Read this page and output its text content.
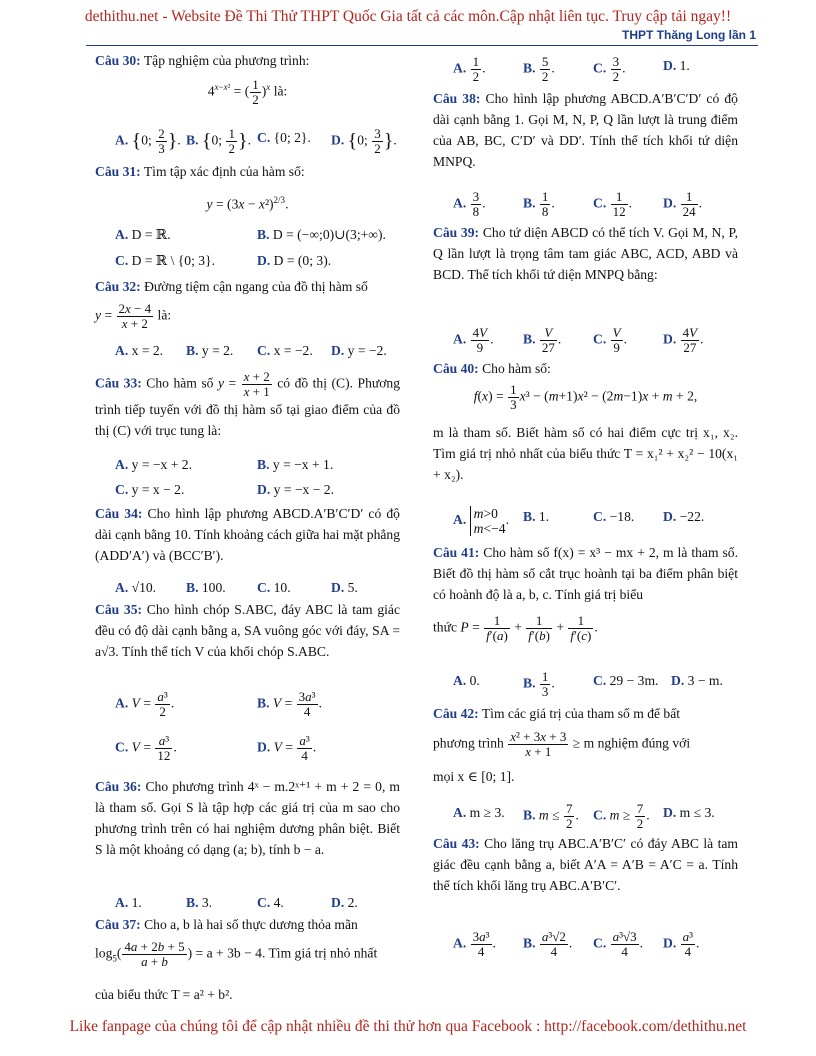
dethithu.net - Website Đề Thi Thử THPT Quốc Gia tất cả các môn.Cập nhật liên tục. Truy cập tải ngay!!
THPT Thăng Long lần 1
Câu 30: Tập nghiệm của phương trình:
$4^{x-x^2}$ = ( $\frac{1}{2} )^x$ là:
A. {0; $\frac{2}{3}$ }. B. {0; $\frac{1}{2}$ }. C. {0; 2}. D. {0; $\frac{3}{2}$ }.
Câu 31: Tìm tập xác định của hàm số:
$y = (3x - x^2)^{2/3}$.
A. D = ℝ.	B. D = (−∞;0)∪(3;+∞).
C. D = ℝ \ {0; 3}.	D. D = (0; 3).
Câu 32: Đường tiệm cận ngang của đồ thị hàm số
$y = \frac{2x - 4}{x + 2}$ là:
A. x = 2. B. y = 2. C. x = −2. D. y = −2.
Câu 33: Cho hàm số $y = \frac{x + 2}{x + 1}$ có đồ thị (C). Phương trình tiếp tuyến với đồ thị hàm số tại giao điểm của đồ thị (C) với trục tung là:
A. y = −x + 2.	B. y = −x + 1.
C. y = x − 2.	D. y = −x − 2.
Câu 34: Cho hình lập phương ABCD.A′B′C′D′ có độ dài cạnh bằng 10. Tính khoảng cách giữa hai mặt phẳng (ADD′A′) và (BCC′B′).
A. √10. B. 100. C. 10.	D. 5.
Câu 35: Cho hình chóp S.ABC, đáy ABC là tam giác đều có độ dài cạnh bằng a, SA vuông góc với đáy, SA = a√3. Tính thể tích V của khối chóp S.ABC.
A. $V = \frac{\text{a³}}{2}$ .	B. $V = \frac{\text{3a³}}{4}$ .
C. $V = \frac{\text{a³}}{12}$ .	D. $V = \frac{\text{a³}}{4}$ .
Câu 36: Cho phương trình 4ˣ − m.2ˣ⁺¹ + m + 2 = 0, m là tham số. Gọi S là tập hợp các giá trị của m sao cho phương trình trên có hai nghiệm dương phân biệt. Biết S là một khoảng có dạng (a; b), tính b − a.
A. 1.	B. 3.	C. 4.	D. 2.
Câu 37: Cho a, b là hai số thực dương thỏa mãn
$\log_5( \frac{4a + 2b + 5}{a + b}$ ) = a + 3b − 4. Tìm giá trị nhỏ nhất
của biểu thức T = a² + b².
A. $\frac{1}{2}$ .	B. $\frac{5}{2}$ .	C. $\frac{3}{2}$ .	D. 1.
Câu 38: Cho hình lập phương ABCD.A′B′C′D′ có độ dài cạnh bằng 1. Gọi M, N, P, Q lần lượt là trung điểm của AB, BC, C′D′ và DD′. Tính thể tích khối tứ diện MNPQ.
A. $\frac{3}{8}$ .	B. $\frac{1}{8}$ .	C. $\frac{1}{12}$ . D. $\frac{1}{24}$ .
Câu 39: Cho tứ diện ABCD có thể tích V. Gọi M, N, P, Q lần lượt là trọng tâm tam giác ABC, ACD, ABD và BCD. Thể tích khối tứ diện MNPQ bằng:
A. $\frac{4V}{9}$ . B. $\frac{V}{27}$ . C. $\frac{V}{9}$ .	D. $\frac{4V}{27}$ .
Câu 40: Cho hàm số:
$f(x) = \frac{1}{3} x^3 - (m+1)x^2 - (2m-1)x + m + 2$,
m là tham số. Biết hàm số có hai điểm cực trị x₁, x₂. Tìm giá trị nhỏ nhất của biểu thức T = x₁² + x₂² − 10(x₁ + x₂).
A. m>0
m<−4. B. 1.	C. −18. D. −22.
Câu 41: Cho hàm số f(x) = x³ − mx + 2, m là tham số. Biết đồ thị hàm số cắt trục hoành tại ba điểm phân biệt có hoành độ là a, b, c. Tính giá trị biểu
thức $P = \frac{1}{f'(a)} + \frac{1}{f'(b)} + \frac{1}{f'(c)}$ .
A. 0.	B. $\frac{1}{3}$ .	C. 29 − 3m. D. 3 − m.
Câu 42: Tìm các giá trị của tham số m để bất
phương trình $\frac{\text{x² + 3x + 3}}{x + 1} \ge m$ nghiệm đúng với
mọi x ∈ [0; 1].
A. m ≥ 3. B. $m \le \frac{7}{2}$ . C. $m \ge \frac{7}{2}$ . D. m ≤ 3.
Câu 43: Cho lăng trụ ABC.A′B′C′ có đáy ABC là tam giác đều cạnh bằng a, biết A′A = A′B = A′C = a. Tính thể tích khối lăng trụ ABC.A′B′C′.
A. $\frac{\text{3a³}}{4}$ . B. $\frac{\text{a³√2}}{4}$ . C. $\frac{\text{a³√3}}{4}$ . D. $\frac{\text{a³}}{4}$ .
Like fanpage của chúng tôi để cập nhật nhiều đề thi thử hơn qua Facebook : http://facebook.com/dethithu.net
